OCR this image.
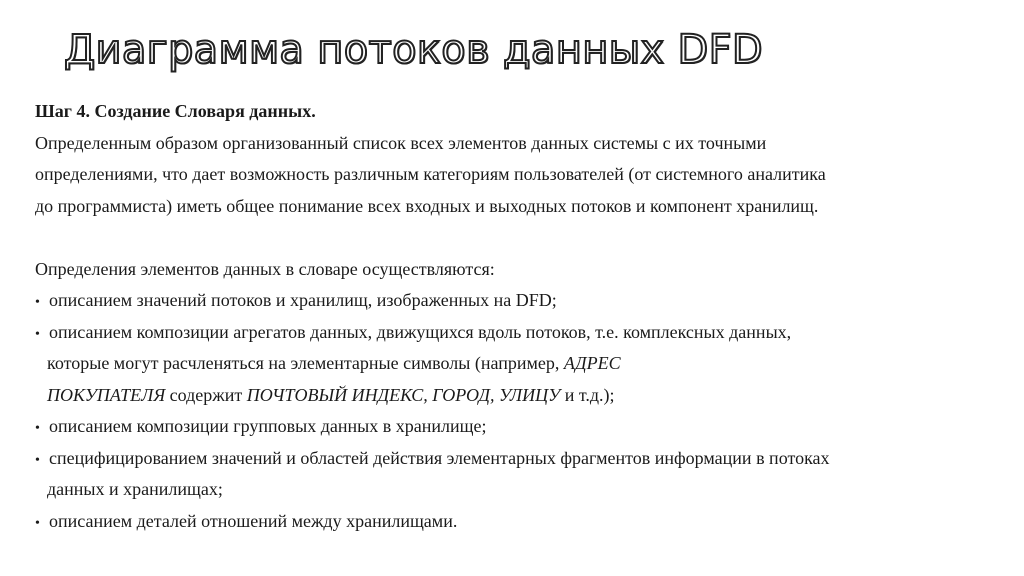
Диаграмма потоков данных DFD
Шаг 4. Создание Словаря данных.
Определенным образом организованный список всех элементов данных системы с их точными
определениями, что дает возможность различным категориям пользователей (от системного аналитика
до программиста) иметь общее понимание всех входных и выходных потоков и компонент хранилищ.
Определения элементов данных в словаре осуществляются:
• описанием значений потоков и хранилищ, изображенных на DFD;
• описанием композиции агрегатов данных, движущихся вдоль потоков, т.е. комплексных данных,
которые могут расчленяться на элементарные символы (например, АДРЕС
ПОКУПАТЕЛЯ содержит ПОЧТОВЫЙ ИНДЕКС, ГОРОД, УЛИЦУ и т.д.);
• описанием композиции групповых данных в хранилище;
• специфицированием значений и областей действия элементарных фрагментов информации в потоках
данных и хранилищах;
• описанием деталей отношений между хранилищами.
